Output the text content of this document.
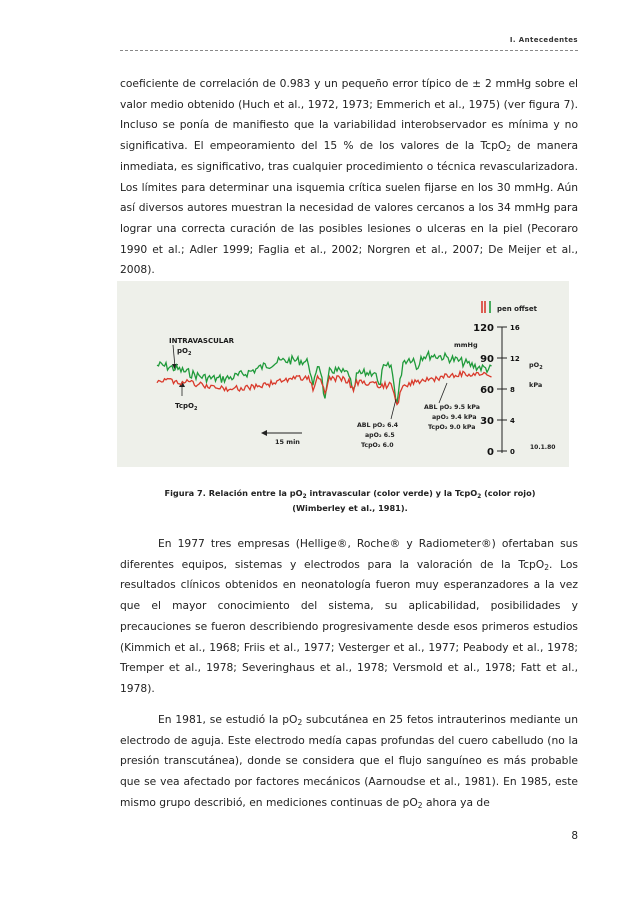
I. Antecedentes

coeficiente de correlación de 0.983 y un pequeño error típico de ± 2 mmHg sobre el valor medio obtenido (Huch et al., 1972, 1973; Emmerich et al., 1975) (ver figura 7). Incluso se ponía de manifiesto que la variabilidad interobservador es mínima y no significativa. El empeoramiento del 15 % de los valores de la TcpO$_2$ de manera inmediata, es significativo, tras cualquier procedimiento o técnica revascularizadora. Los límites para determinar una isquemia crítica suelen fijarse en los 30 mmHg. Aún así diversos autores muestran la necesidad de valores cercanos a los 34 mmHg para lograr una correcta curación de las posibles lesiones o ulceras en la piel (Pecoraro 1990 et al.; Adler 1999; Faglia et al., 2002; Norgren et al., 2007; De Meijer et al., 2008).

pen offset
INTRAVASCULAR
$pO_2$
TcpO$_2$
15 min
ABL pO₂ 6.4
apO₂ 6.5
TcpO₂ 6.0
ABL pO₂ 9.5 kPa
apO₂ 9.4 kPa
TcpO₂ 9.0 kPa
mmHg
$pO_2$
kPa
120 16
90 12
60 8
30 4
0 0
10.1.80
Figura 7. Relación entre la $pO_2$ intravascular (color verde) y la TcpO$_2$ (color rojo)
(Wimberley et al., 1981).

En 1977 tres empresas (Hellige®, Roche® y Radiometer®) ofertaban sus diferentes equipos, sistemas y electrodos para la valoración de la TcpO$_2$. Los resultados clínicos obtenidos en neonatología fueron muy esperanzadores a la vez que el mayor conocimiento del sistema, su aplicabilidad, posibilidades y precauciones se fueron describiendo progresivamente desde esos primeros estudios (Kimmich et al., 1968; Friis et al., 1977; Vesterger et al., 1977; Peabody et al., 1978; Tremper et al., 1978; Severinghaus et al., 1978; Versmold et al., 1978; Fatt et al., 1978).

En 1981, se estudió la $pO_2$ subcutánea en 25 fetos intrauterinos mediante un electrodo de aguja. Este electrodo medía capas profundas del cuero cabelludo (no la presión transcutánea), donde se considera que el flujo sanguíneo es más probable que se vea afectado por factores mecánicos (Aarnoudse et al., 1981). En 1985, este mismo grupo describió, en mediciones continuas de $pO_2$ ahora ya de

8
